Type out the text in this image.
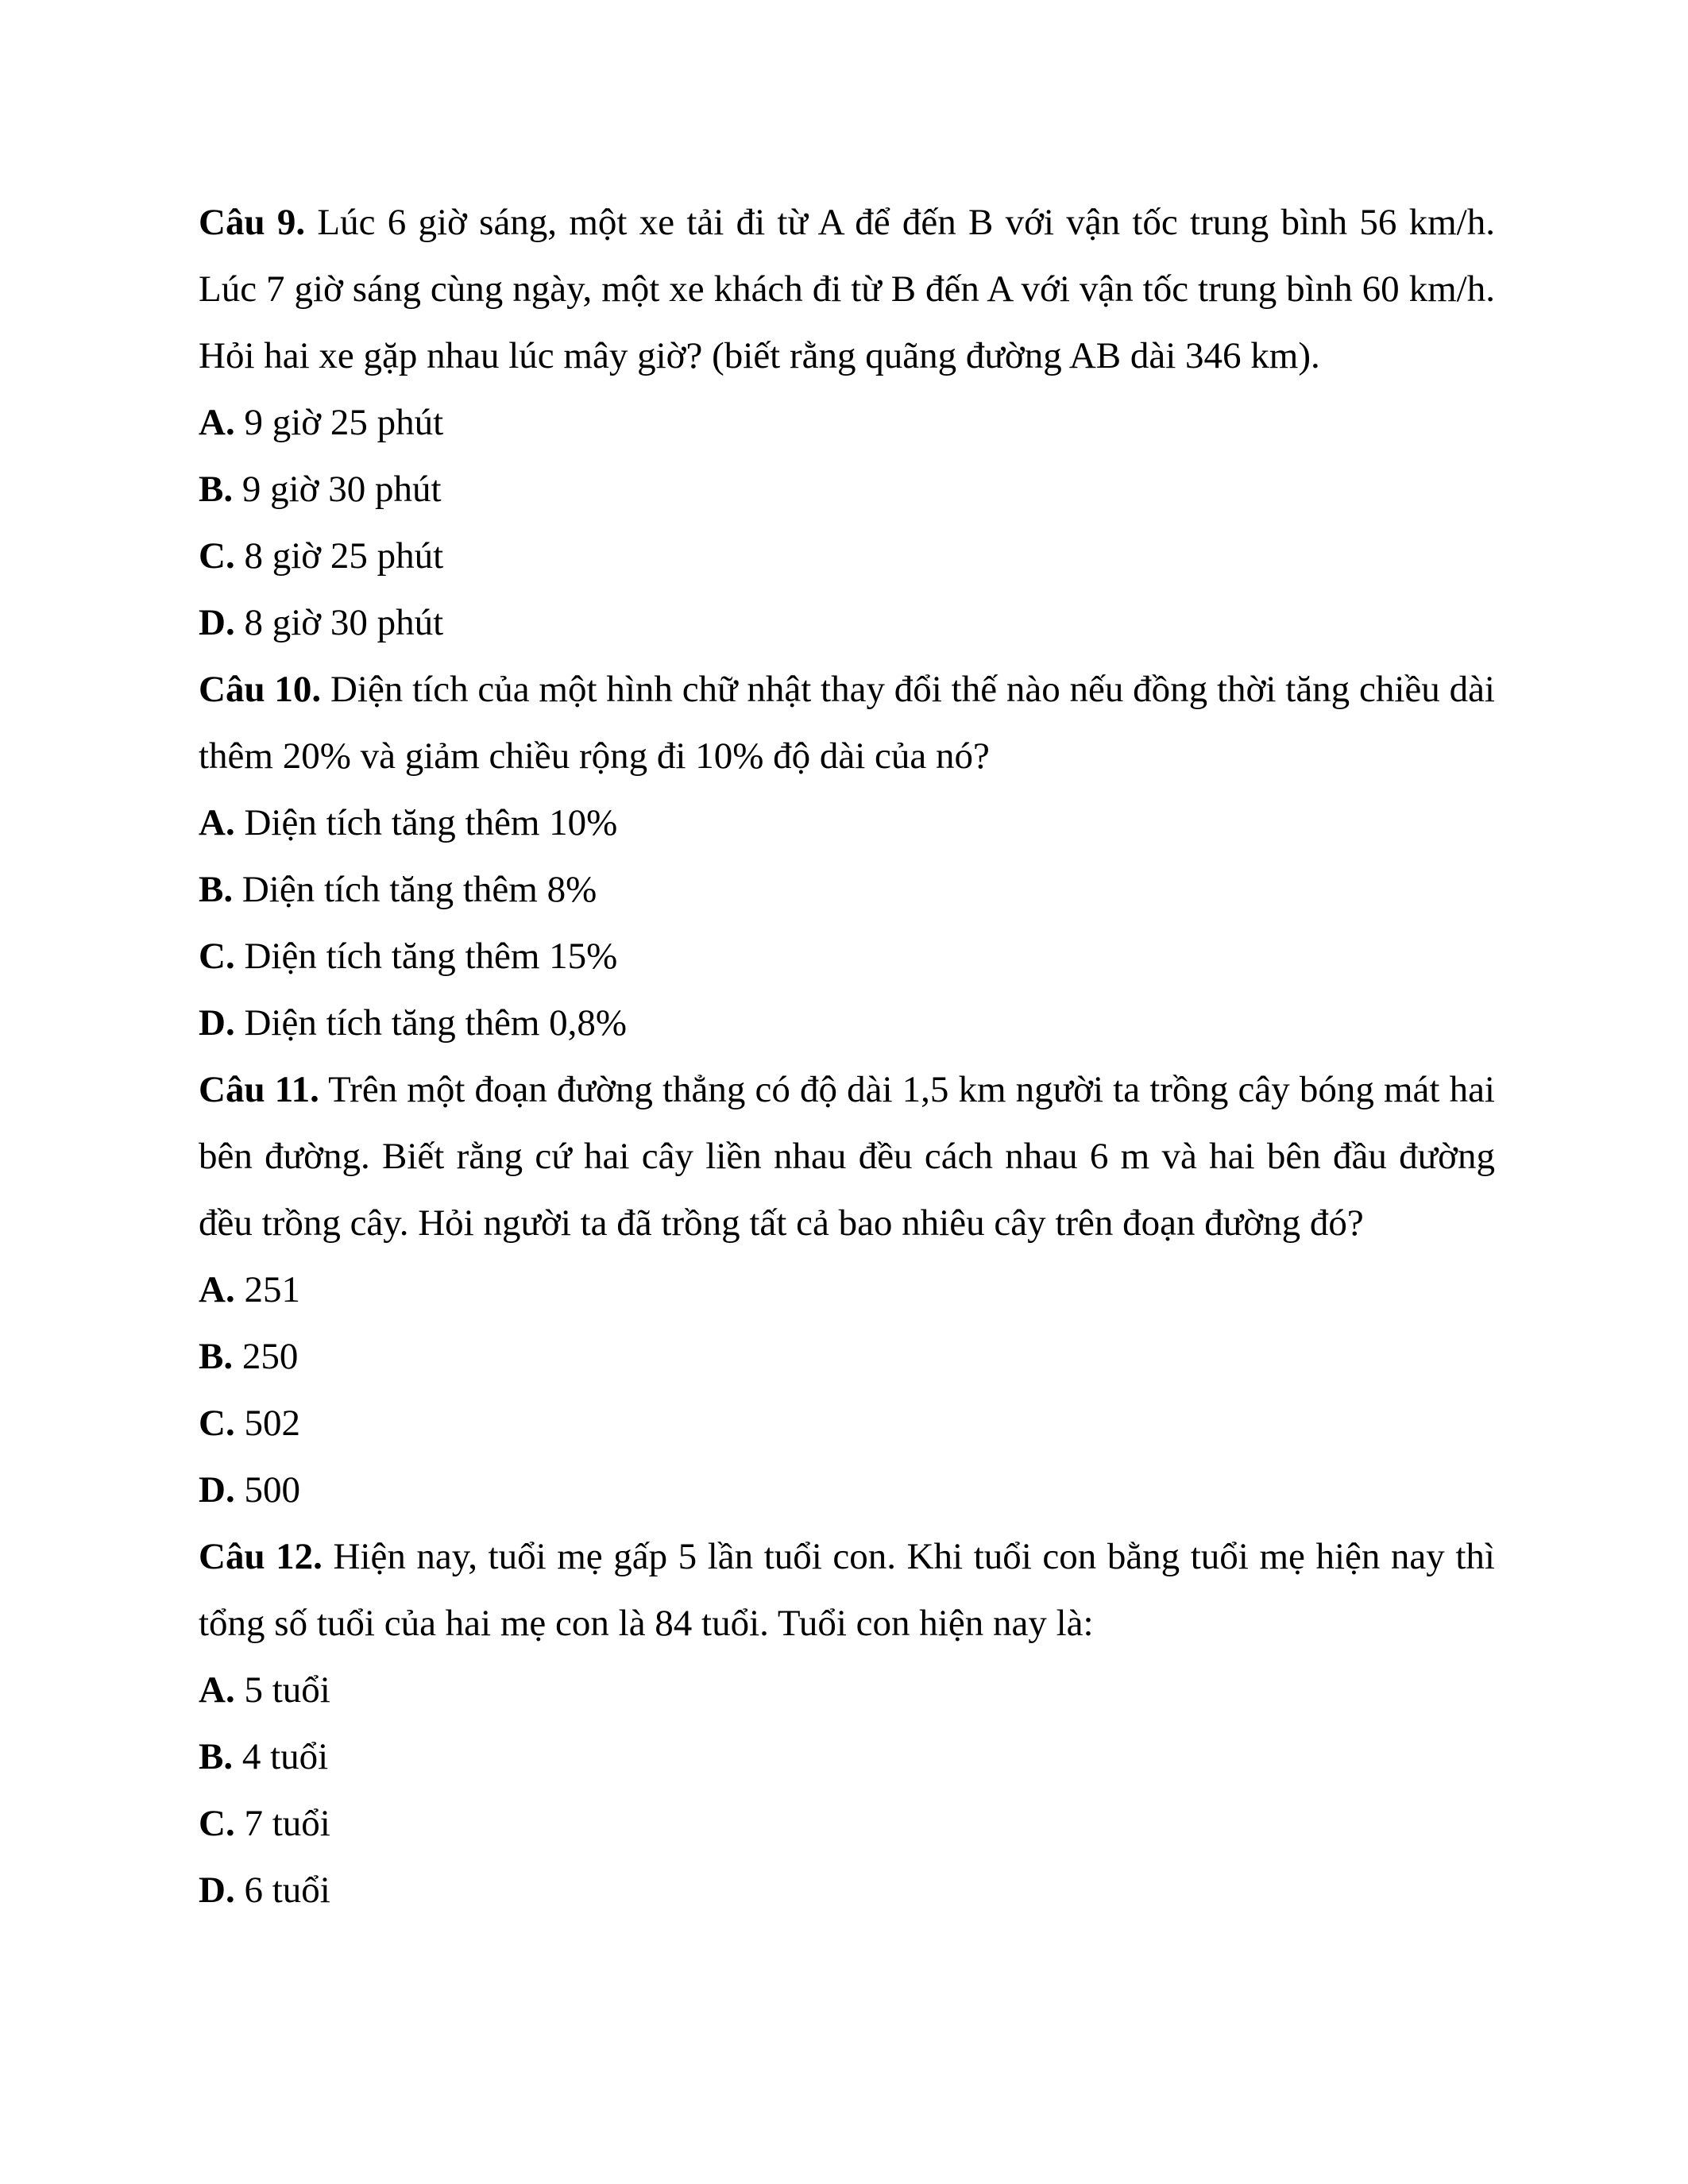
Câu 9. Lúc 6 giờ sáng, một xe tải đi từ A để đến B với vận tốc trung bình 56 km/h. Lúc 7 giờ sáng cùng ngày, một xe khách đi từ B đến A với vận tốc trung bình 60 km/h. Hỏi hai xe gặp nhau lúc mây giờ? (biết rằng quãng đường AB dài 346 km).
A. 9 giờ 25 phút
B. 9 giờ 30 phút
C. 8 giờ 25 phút
D. 8 giờ 30 phút
Câu 10. Diện tích của một hình chữ nhật thay đổi thế nào nếu đồng thời tăng chiều dài thêm 20% và giảm chiều rộng đi 10% độ dài của nó?
A. Diện tích tăng thêm 10%
B. Diện tích tăng thêm 8%
C. Diện tích tăng thêm 15%
D. Diện tích tăng thêm 0,8%
Câu 11. Trên một đoạn đường thẳng có độ dài 1,5 km người ta trồng cây bóng mát hai bên đường. Biết rằng cứ hai cây liền nhau đều cách nhau 6 m và hai bên đầu đường đều trồng cây. Hỏi người ta đã trồng tất cả bao nhiêu cây trên đoạn đường đó?
A. 251
B. 250
C. 502
D. 500
Câu 12. Hiện nay, tuổi mẹ gấp 5 lần tuổi con. Khi tuổi con bằng tuổi mẹ hiện nay thì tổng số tuổi của hai mẹ con là 84 tuổi. Tuổi con hiện nay là:
A. 5 tuổi
B. 4 tuổi
C. 7 tuổi
D. 6 tuổi
